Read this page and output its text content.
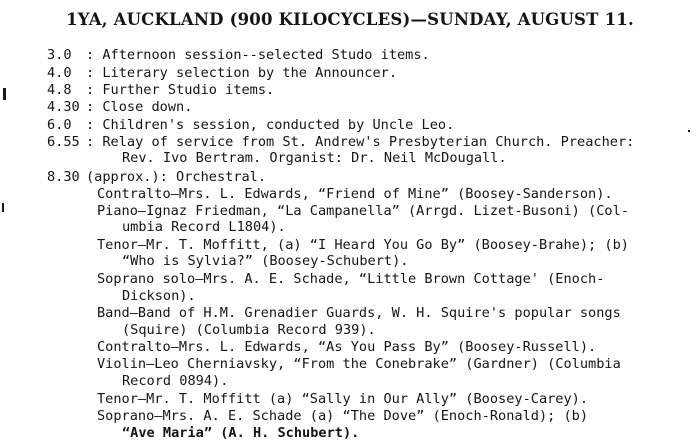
1YA, AUCKLAND (900 KILOCYCLES)—SUNDAY, AUGUST 11.
3.0 : Afternoon session--selected Studo items.
4.0 : Literary selection by the Announcer.
4.8 : Further Studio items.
4.30 : Close down.
6.0 : Children's session, conducted by Uncle Leo.
6.55 : Relay of service from St. Andrew's Presbyterian Church. Preacher:
Rev. Ivo Bertram. Organist: Dr. Neil McDougall.
8.30 (approx.): Orchestral.
Contralto—Mrs. L. Edwards, “Friend of Mine” (Boosey-Sanderson).
Piano—Ignaz Friedman, “La Campanella” (Arrgd. Lizet-Busoni) (Col-
umbia Record L1804).
Tenor—Mr. T. Moffitt, (a) “I Heard You Go By” (Boosey-Brahe); (b)
“Who is Sylvia?” (Boosey-Schubert).
Soprano solo—Mrs. A. E. Schade, “Little Brown Cottage' (Enoch-
Dickson).
Band—Band of H.M. Grenadier Guards, W. H. Squire's popular songs
(Squire) (Columbia Record 939).
Contralto—Mrs. L. Edwards, “As You Pass By” (Boosey-Russell).
Violin—Leo Cherniavsky, “From the Conebrake” (Gardner) (Columbia
Record 0894).
Tenor—Mr. T. Moffitt (a) “Sally in Our Ally” (Boosey-Carey).
Soprano—Mrs. A. E. Schade (a) “The Dove” (Enoch-Ronald); (b)
“Ave Maria” (A. H. Schubert).
